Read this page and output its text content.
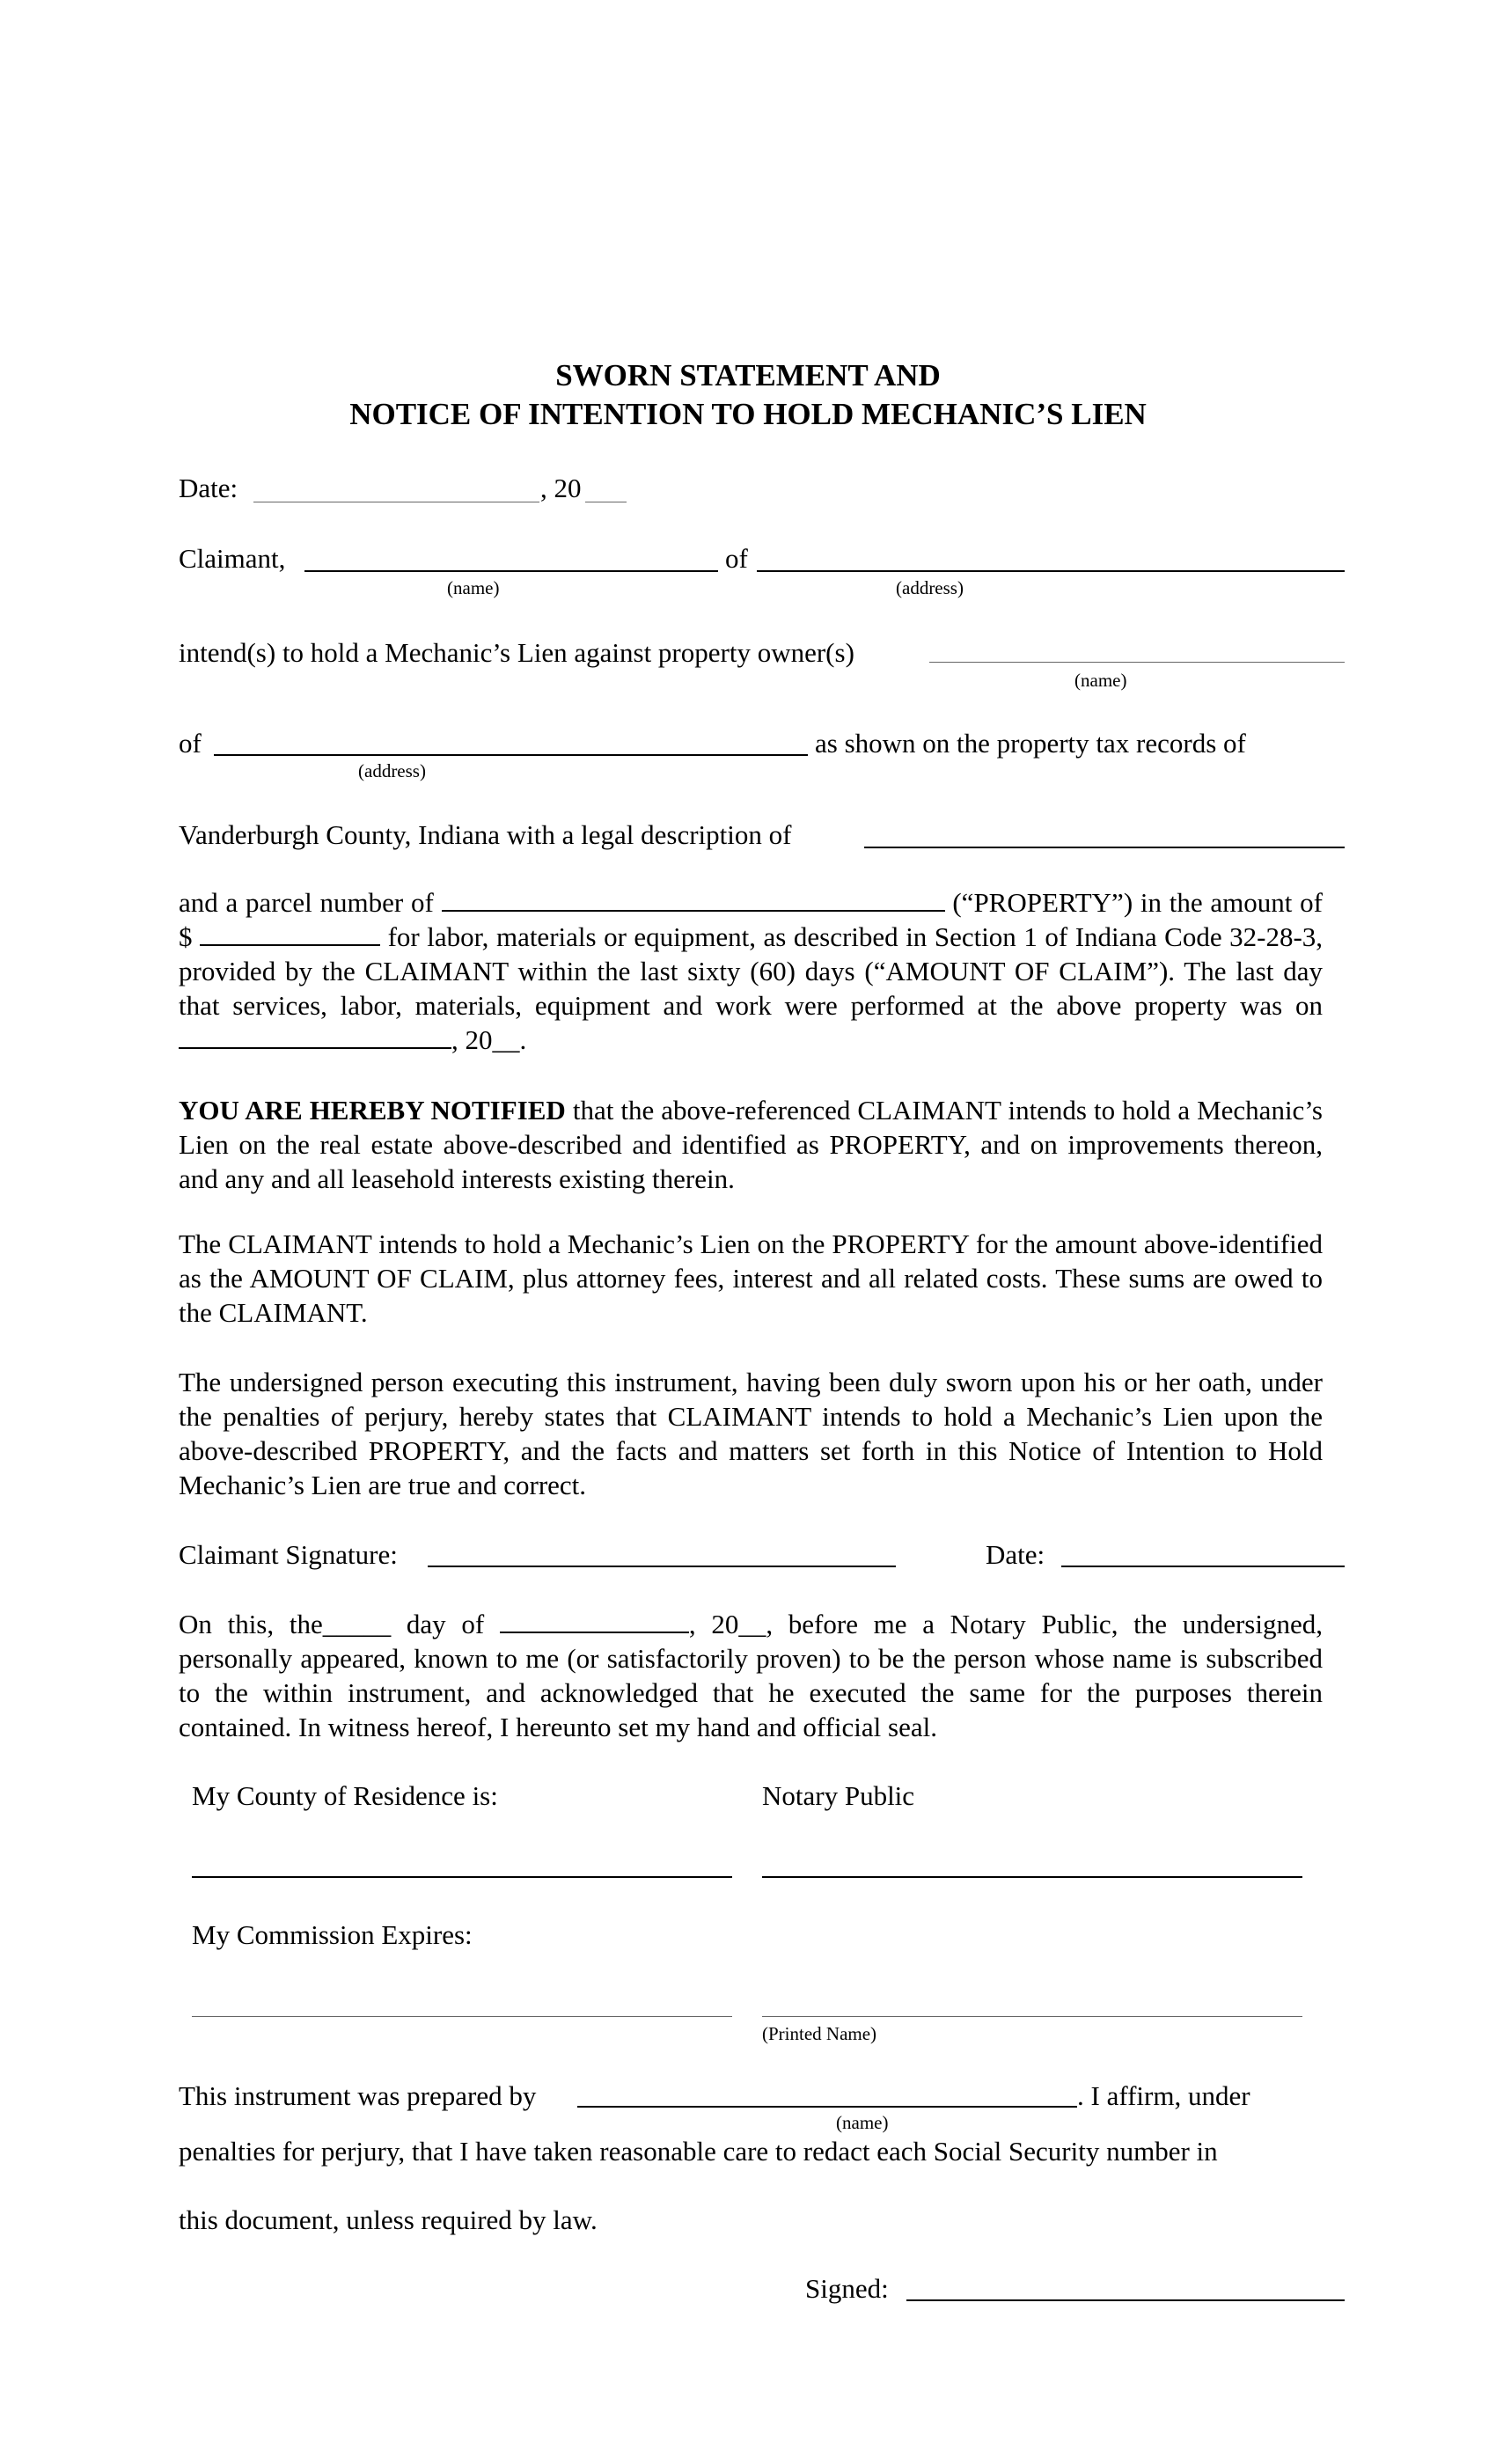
SWORN STATEMENT AND
NOTICE OF INTENTION TO HOLD MECHANIC’S LIEN
Date:	, 20
Claimant,	of
(name)	(address)
intend(s) to hold a Mechanic’s Lien against property owner(s)
(name)
of	as shown on the property tax records of
(address)
Vanderburgh County, Indiana with a legal description of
and a parcel number of	(“PROPERTY”) in the amount of $	for labor, materials or equipment, as described in Section 1 of Indiana Code 32-28-3, provided by the CLAIMANT within the last sixty (60) days (“AMOUNT OF CLAIM”). The last day that services, labor, materials, equipment and work were performed at the above property was on , 20__.
YOU ARE HEREBY NOTIFIED that the above-referenced CLAIMANT intends to hold a Mechanic’s Lien on the real estate above-described and identified as PROPERTY, and on improvements thereon, and any and all leasehold interests existing therein.
The CLAIMANT intends to hold a Mechanic’s Lien on the PROPERTY for the amount above-identified as the AMOUNT OF CLAIM, plus attorney fees, interest and all related costs. These sums are owed to the CLAIMANT.
The undersigned person executing this instrument, having been duly sworn upon his or her oath, under the penalties of perjury, hereby states that CLAIMANT intends to hold a Mechanic’s Lien upon the above-described PROPERTY, and the facts and matters set forth in this Notice of Intention to Hold Mechanic’s Lien are true and correct.
Claimant Signature:	Date:
On this, the_____ day of	, 20__, before me a Notary Public, the undersigned, personally appeared, known to me (or satisfactorily proven) to be the person whose name is subscribed to the within instrument, and acknowledged that he executed the same for the purposes therein contained. In witness hereof, I hereunto set my hand and official seal.
My County of Residence is:	Notary Public
My Commission Expires:
(Printed Name)
This instrument was prepared by	. I affirm, under
(name)
penalties for perjury, that I have taken reasonable care to redact each Social Security number in
this document, unless required by law.
Signed:
